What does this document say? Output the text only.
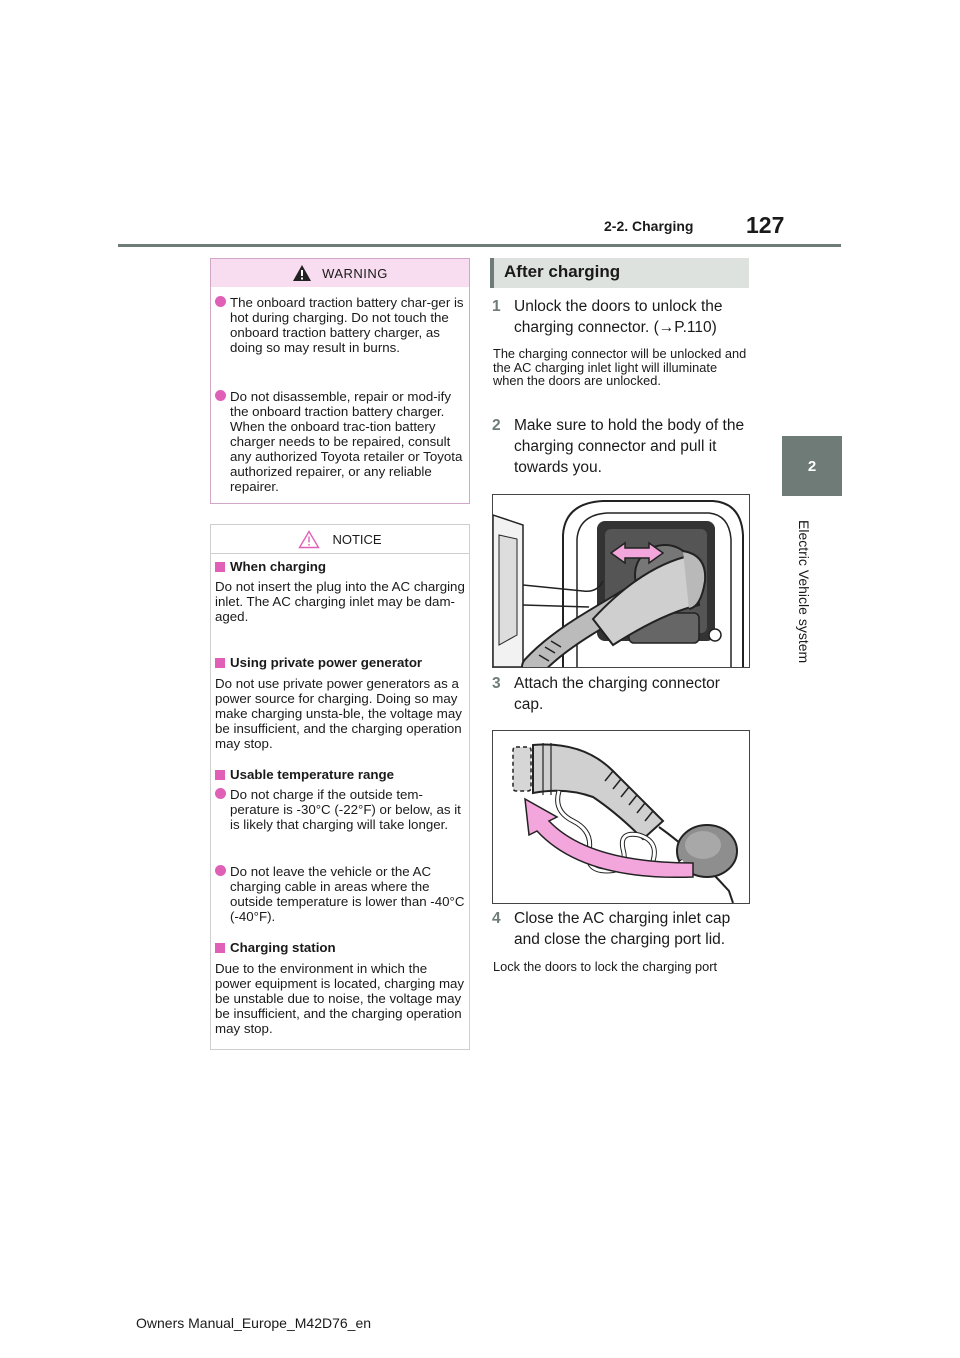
2-2. Charging 127
2
Electric Vehicle system
WARNING
The onboard traction battery char-ger is hot during charging. Do not touch the onboard traction battery charger, as doing so may result in burns.
Do not disassemble, repair or mod-ify the onboard traction battery charger. When the onboard trac-tion battery charger needs to be repaired, consult any authorized Toyota retailer or Toyota authorized repairer, or any reliable repairer.
NOTICE
When charging
Do not insert the plug into the AC charging inlet. The AC charging inlet may be dam-aged.
Using private power generator
Do not use private power generators as a power source for charging. Doing so may make charging unsta-ble, the voltage may be insufficient, and the charging operation may stop.
Usable temperature range
Do not charge if the outside tem-perature is -30°C (-22°F) or below, as it is likely that charging will take longer.
Do not leave the vehicle or the AC charging cable in areas where the outside temperature is lower than -40°C (-40°F).
Charging station
Due to the environment in which the power equipment is located, charging may be unstable due to noise, the voltage may be insufficient, and the charging operation may stop.
After charging
1 Unlock the doors to unlock the charging connector. (→P.110)
The charging connector will be unlocked and the AC charging inlet light will illuminate when the doors are unlocked.
2 Make sure to hold the body of the charging connector and pull it towards you.
3 Attach the charging connector cap.
4 Close the AC charging inlet cap and close the charging port lid.
Lock the doors to lock the charging port
Owners Manual_Europe_M42D76_en
